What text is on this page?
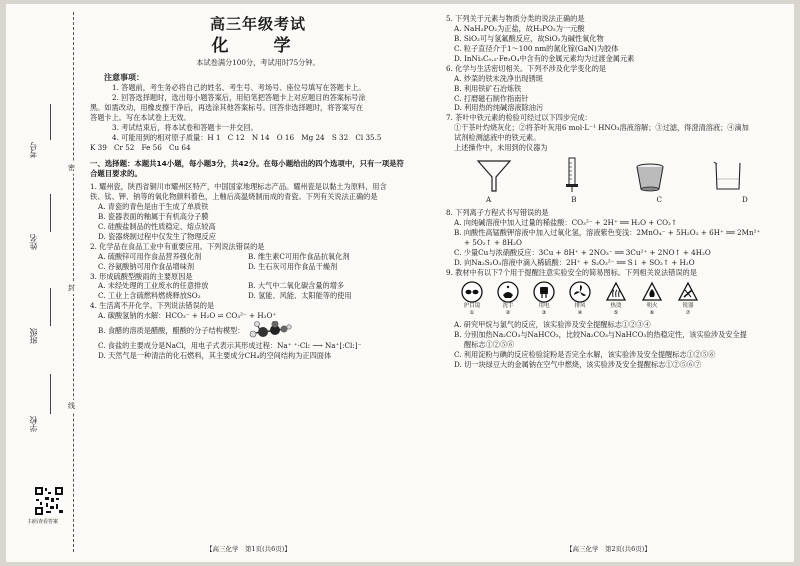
考号
姓名
班级
学校
密
封
线
扫码查看答案

高三年级考试

化　学

本试卷满分100分，考试用时75分钟。

注意事项：

1. 答题前，考生务必将自己的姓名、考生号、考场号、座位号填写在答题卡上。

2. 回答选择题时，选出每小题答案后，用铅笔把答题卡上对应题目的答案标号涂

黑。如需改动，用橡皮擦干净后，再选涂其他答案标号。回答非选择题时，将答案写在

答题卡上。写在本试卷上无效。

3. 考试结束后，将本试卷和答题卡一并交回。

4. 可能用到的相对原子质量：H 1　C 12　N 14　O 16　Mg 24　S 32　Cl 35.5

K 39　Cr 52　Fe 56　Cu 64

一、选择题：本题共14小题，每小题3分，共42分。在每小题给出的四个选项中，只有一项是符

合题目要求的。

1. 耀州瓷，陕西省铜川市耀州区特产，中国国家地理标志产品。耀州瓷是以黏土为原料，用含

铁、钛、钾、钠等的氧化物颜料着色，上釉后高温烧制而成的青瓷。下列有关说法正确的是

A. 青瓷的青色是由于生成了单质铁

B. 瓷器表面的釉属于有机高分子膜

C. 硅酸盐制品的性质稳定、熔点较高

D. 瓷器烧制过程中仅发生了物理反应

2. 化学品在食品工业中有重要应用。下列说法错误的是

A. 硫酸锌可用作食品营养强化剂	B. 维生素C可用作食品抗氧化剂

C. 谷氨酸钠可用作食品增味剂	D. 生石灰可用作食品干燥剂

3. 形成硫酸型酸雨的主要原因是

A. 未经处理的工业废水的任意排放	B. 大气中二氧化碳含量的增多

C. 工业上含硫燃料燃烧释放SO₂	D. 氢能、风能、太阳能等的使用

4. 生活离不开化学。下列说法错误的是

A. 碳酸氢钠的水解：HCO₃⁻ + H₂O ⇌ CO₃²⁻ + H₃O⁺

B. 食醋的溶质是醋酸，醋酸的分子结构模型：

C. 食盐的主要成分是NaCl，用电子式表示其形成过程：Na⁺ ⁺·Cl: ⟶ Na⁺[:Cl:]⁻

D. 天然气是一种清洁的化石燃料，其主要成分CH₄的空间结构为正四面体

5. 下列关于元素与物质分类的说法正确的是

A. NaH₂PO₂为正盐，故H₃PO₂为一元酸

B. SiO₂可与氢氟酸反应，故SiO₂为碱性氧化物

C. 粒子直径介于1～100 nm的氮化镓(GaN)为胶体

D. InNi₃C₀.₅·Fe₃O₄中含有的金属元素均为过渡金属元素

6. 化学与生活密切相关。下列不涉及化学变化的是

A. 炒菜的铁末洗净出现锈斑

B. 利用铁矿石冶炼铁

C. 打磨磁石制作指南针

D. 利用热的纯碱溶液除油污

7. 茶叶中铁元素的检验可经过以下四步完成：

①干茶叶灼烧灰化；②将茶叶灰用6 mol·L⁻¹ HNO₃溶液溶解；③过滤，得澄清溶液；④滴加

试剂检测滤液中的铁元素。

上述操作中，未用到的仪器为

A	B	C	D

8. 下列离子方程式书写错误的是

A. 向纯碱溶液中加入过量的稀盐酸：CO₃²⁻ + 2H⁺ ══ H₂O + CO₂↑

B. 向酸性高锰酸钾溶液中加入过氧化氢，溶液紫色变浅：2MnO₄⁻ + 5H₂O₂ + 6H⁺ ══ 2Mn²⁺

+ 5O₂↑ + 8H₂O

C. 少量Cu与浓硝酸反应：3Cu + 8H⁺ + 2NO₃⁻ ══ 3Cu²⁺ + 2NO↑ + 4H₂O

D. 向Na₂S₂O₃溶液中滴入稀硫酸：2H⁺ + S₂O₃²⁻ ══ S↓ + SO₂↑ + H₂O

9. 教材中有以下7个用于提醒注意实验安全的简易图标。下列相关说法错误的是

护目镜
①
洗手
②
用电
③
排风
④
热烫
⑤
明火
⑥
锐器
⑦

A. 研究甲烷与氯气的反应，该实验涉及安全提醒标志①②③④

B. 分别加热Na₂CO₃与NaHCO₃，比较Na₂CO₃与NaHCO₃的热稳定性，该实验涉及安全提

醒标志①②⑤⑥

C. 利用淀粉与碘的反应检验淀粉是否完全水解，该实验涉及安全提醒标志①②⑤⑥

D. 切一块绿豆大的金属钠在空气中燃烧，该实验涉及安全提醒标志①②⑤⑥⑦

【高三化学　第1页(共6页)】	【高三化学　第2页(共6页)】
